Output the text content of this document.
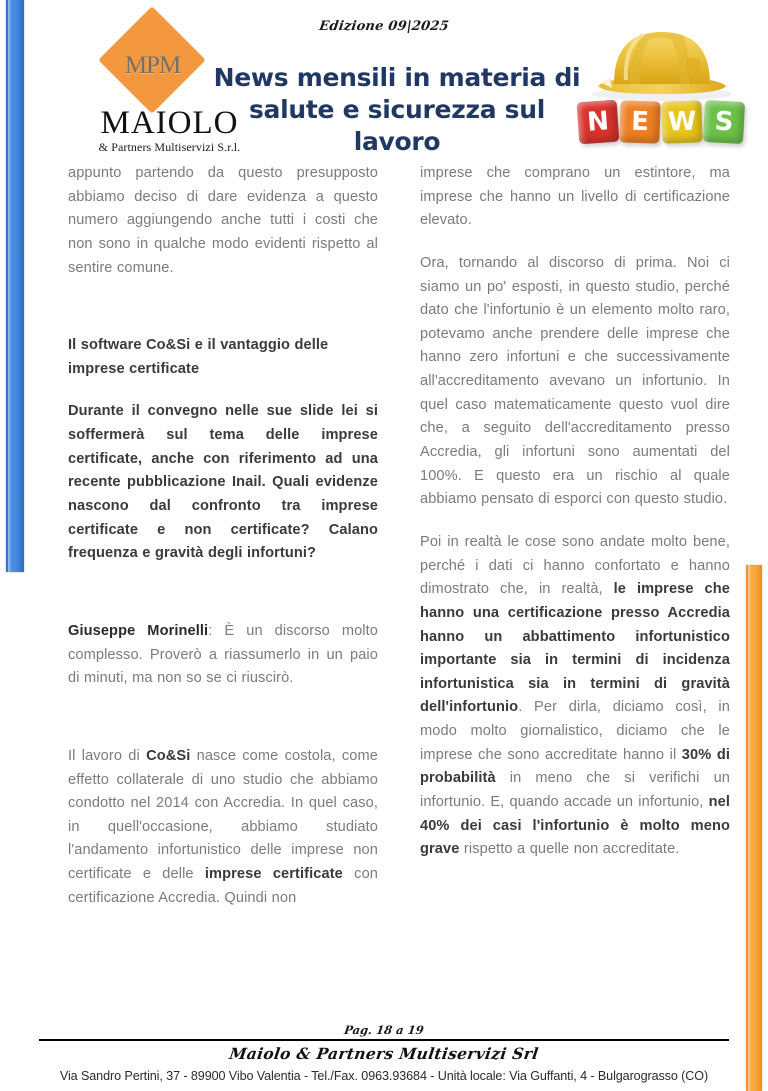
Edizione 09|2025
MPM
MAIOLO
& Partners Multiservizi S.r.l.
News mensili in materia di
salute e sicurezza sul lavoro
N E W S

appunto partendo da questo presupposto abbiamo deciso di dare evidenza a questo numero aggiungendo anche tutti i costi che non sono in qualche modo evidenti rispetto al sentire comune.

Il software Co&Si e il vantaggio delle imprese certificate

Durante il convegno nelle sue slide lei si soffermerà sul tema delle imprese certificate, anche con riferimento ad una recente pubblicazione Inail. Quali evidenze nascono dal confronto tra imprese certificate e non certificate? Calano frequenza e gravità degli infortuni?

Giuseppe Morinelli: È un discorso molto complesso. Proverò a riassumerlo in un paio di minuti, ma non so se ci riuscirò.

Il lavoro di Co&Si nasce come costola, come effetto collaterale di uno studio che abbiamo condotto nel 2014 con Accredia. In quel caso, in quell'occasione, abbiamo studiato l'andamento infortunistico delle imprese non certificate e delle imprese certificate con certificazione Accredia. Quindi non

imprese che comprano un estintore, ma imprese che hanno un livello di certificazione elevato.

Ora, tornando al discorso di prima. Noi ci siamo un po' esposti, in questo studio, perché dato che l'infortunio è un elemento molto raro, potevamo anche prendere delle imprese che hanno zero infortuni e che successivamente all'accreditamento avevano un infortunio. In quel caso matematicamente questo vuol dire che, a seguito dell'accreditamento presso Accredia, gli infortuni sono aumentati del 100%. E questo era un rischio al quale abbiamo pensato di esporci con questo studio.

Poi in realtà le cose sono andate molto bene, perché i dati ci hanno confortato e hanno dimostrato che, in realtà, le imprese che hanno una certificazione presso Accredia hanno un abbattimento infortunistico importante sia in termini di incidenza infortunistica sia in termini di gravità dell'infortunio. Per dirla, diciamo così, in modo molto giornalistico, diciamo che le imprese che sono accreditate hanno il 30% di probabilità in meno che si verifichi un infortunio. E, quando accade un infortunio, nel 40% dei casi l'infortunio è molto meno grave rispetto a quelle non accreditate.

Pag. 18 a 19
Maiolo & Partners Multiservizi Srl
Via Sandro Pertini, 37 - 89900 Vibo Valentia - Tel./Fax. 0963.93684 - Unità locale: Via Guffanti, 4 - Bulgarograsso (CO)
